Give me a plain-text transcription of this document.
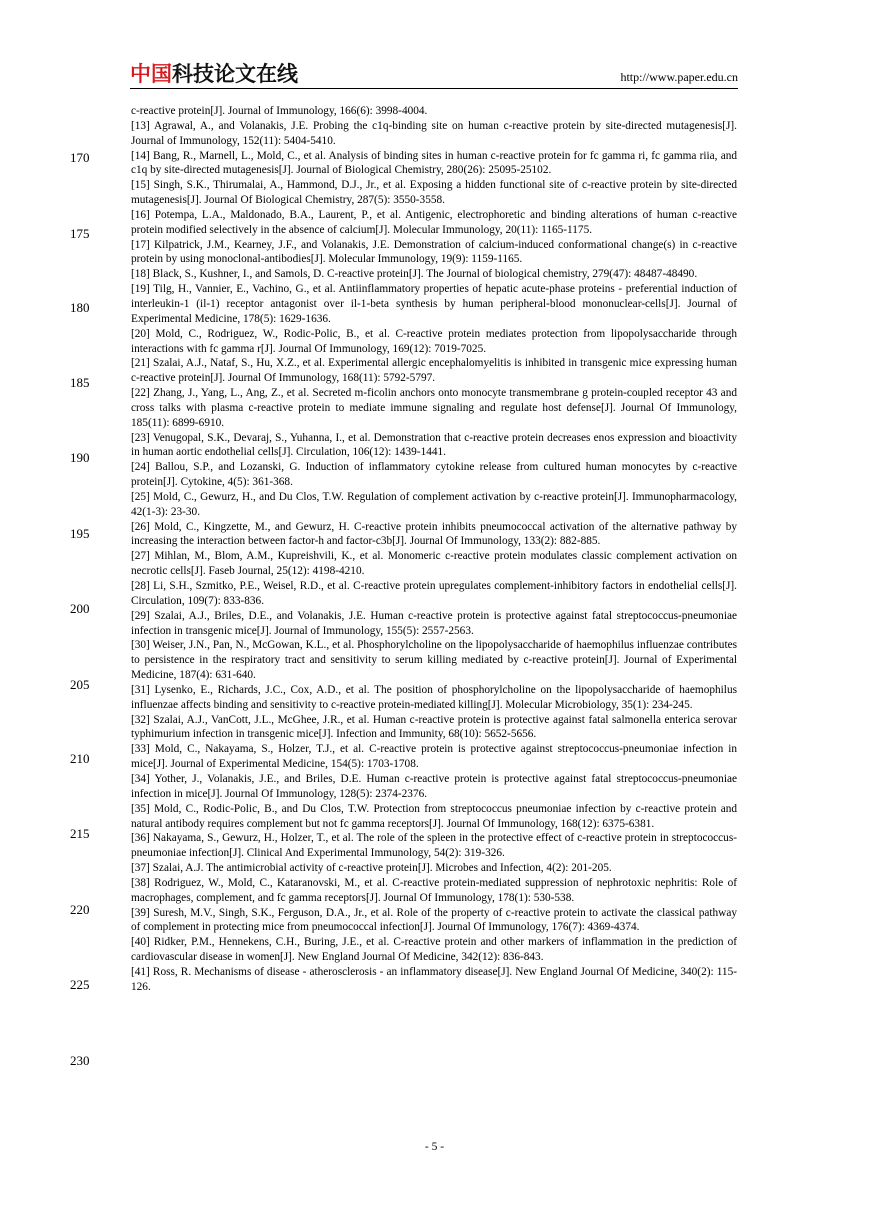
中国科技论文在线	http://www.paper.edu.cn
c-reactive protein[J]. Journal of Immunology, 166(6): 3998-4004.
[13] Agrawal, A., and Volanakis, J.E. Probing the c1q-binding site on human c-reactive protein by site-directed mutagenesis[J]. Journal of Immunology, 152(11): 5404-5410.
[14] Bang, R., Marnell, L., Mold, C., et al. Analysis of binding sites in human c-reactive protein for fc gamma ri, fc gamma riia, and c1q by site-directed mutagenesis[J]. Journal of Biological Chemistry, 280(26): 25095-25102.
[15] Singh, S.K., Thirumalai, A., Hammond, D.J., Jr., et al. Exposing a hidden functional site of c-reactive protein by site-directed mutagenesis[J]. Journal Of Biological Chemistry, 287(5): 3550-3558.
[16] Potempa, L.A., Maldonado, B.A., Laurent, P., et al. Antigenic, electrophoretic and binding alterations of human c-reactive protein modified selectively in the absence of calcium[J]. Molecular Immunology, 20(11): 1165-1175.
[17] Kilpatrick, J.M., Kearney, J.F., and Volanakis, J.E. Demonstration of calcium-induced conformational change(s) in c-reactive protein by using monoclonal-antibodies[J]. Molecular Immunology, 19(9): 1159-1165.
[18] Black, S., Kushner, I., and Samols, D. C-reactive protein[J]. The Journal of biological chemistry, 279(47): 48487-48490.
[19] Tilg, H., Vannier, E., Vachino, G., et al. Antiinflammatory properties of hepatic acute-phase proteins - preferential induction of interleukin-1 (il-1) receptor antagonist over il-1-beta synthesis by human peripheral-blood mononuclear-cells[J]. Journal of Experimental Medicine, 178(5): 1629-1636.
[20] Mold, C., Rodriguez, W., Rodic-Polic, B., et al. C-reactive protein mediates protection from lipopolysaccharide through interactions with fc gamma r[J]. Journal Of Immunology, 169(12): 7019-7025.
[21] Szalai, A.J., Nataf, S., Hu, X.Z., et al. Experimental allergic encephalomyelitis is inhibited in transgenic mice expressing human c-reactive protein[J]. Journal Of Immunology, 168(11): 5792-5797.
[22] Zhang, J., Yang, L., Ang, Z., et al. Secreted m-ficolin anchors onto monocyte transmembrane g protein-coupled receptor 43 and cross talks with plasma c-reactive protein to mediate immune signaling and regulate host defense[J]. Journal Of Immunology, 185(11): 6899-6910.
[23] Venugopal, S.K., Devaraj, S., Yuhanna, I., et al. Demonstration that c-reactive protein decreases enos expression and bioactivity in human aortic endothelial cells[J]. Circulation, 106(12): 1439-1441.
[24] Ballou, S.P., and Lozanski, G. Induction of inflammatory cytokine release from cultured human monocytes by c-reactive protein[J]. Cytokine, 4(5): 361-368.
[25] Mold, C., Gewurz, H., and Du Clos, T.W. Regulation of complement activation by c-reactive protein[J]. Immunopharmacology, 42(1-3): 23-30.
[26] Mold, C., Kingzette, M., and Gewurz, H. C-reactive protein inhibits pneumococcal activation of the alternative pathway by increasing the interaction between factor-h and factor-c3b[J]. Journal Of Immunology, 133(2): 882-885.
[27] Mihlan, M., Blom, A.M., Kupreishvili, K., et al. Monomeric c-reactive protein modulates classic complement activation on necrotic cells[J]. Faseb Journal, 25(12): 4198-4210.
[28] Li, S.H., Szmitko, P.E., Weisel, R.D., et al. C-reactive protein upregulates complement-inhibitory factors in endothelial cells[J]. Circulation, 109(7): 833-836.
[29] Szalai, A.J., Briles, D.E., and Volanakis, J.E. Human c-reactive protein is protective against fatal streptococcus-pneumoniae infection in transgenic mice[J]. Journal of Immunology, 155(5): 2557-2563.
[30] Weiser, J.N., Pan, N., McGowan, K.L., et al. Phosphorylcholine on the lipopolysaccharide of haemophilus influenzae contributes to persistence in the respiratory tract and sensitivity to serum killing mediated by c-reactive protein[J]. Journal of Experimental Medicine, 187(4): 631-640.
[31] Lysenko, E., Richards, J.C., Cox, A.D., et al. The position of phosphorylcholine on the lipopolysaccharide of haemophilus influenzae affects binding and sensitivity to c-reactive protein-mediated killing[J]. Molecular Microbiology, 35(1): 234-245.
[32] Szalai, A.J., VanCott, J.L., McGhee, J.R., et al. Human c-reactive protein is protective against fatal salmonella enterica serovar typhimurium infection in transgenic mice[J]. Infection and Immunity, 68(10): 5652-5656.
[33] Mold, C., Nakayama, S., Holzer, T.J., et al. C-reactive protein is protective against streptococcus-pneumoniae infection in mice[J]. Journal of Experimental Medicine, 154(5): 1703-1708.
[34] Yother, J., Volanakis, J.E., and Briles, D.E. Human c-reactive protein is protective against fatal streptococcus-pneumoniae infection in mice[J]. Journal Of Immunology, 128(5): 2374-2376.
[35] Mold, C., Rodic-Polic, B., and Du Clos, T.W. Protection from streptococcus pneumoniae infection by c-reactive protein and natural antibody requires complement but not fc gamma receptors[J]. Journal Of Immunology, 168(12): 6375-6381.
[36] Nakayama, S., Gewurz, H., Holzer, T., et al. The role of the spleen in the protective effect of c-reactive protein in streptococcus-pneumoniae infection[J]. Clinical And Experimental Immunology, 54(2): 319-326.
[37] Szalai, A.J. The antimicrobial activity of c-reactive protein[J]. Microbes and Infection, 4(2): 201-205.
[38] Rodriguez, W., Mold, C., Kataranovski, M., et al. C-reactive protein-mediated suppression of nephrotoxic nephritis: Role of macrophages, complement, and fc gamma receptors[J]. Journal Of Immunology, 178(1): 530-538.
[39] Suresh, M.V., Singh, S.K., Ferguson, D.A., Jr., et al. Role of the property of c-reactive protein to activate the classical pathway of complement in protecting mice from pneumococcal infection[J]. Journal Of Immunology, 176(7): 4369-4374.
[40] Ridker, P.M., Hennekens, C.H., Buring, J.E., et al. C-reactive protein and other markers of inflammation in the prediction of cardiovascular disease in women[J]. New England Journal Of Medicine, 342(12): 836-843.
[41] Ross, R. Mechanisms of disease - atherosclerosis - an inflammatory disease[J]. New England Journal Of Medicine, 340(2): 115-126.
170
175
180
185
190
195
200
205
210
215
220
225
230
- 5 -
